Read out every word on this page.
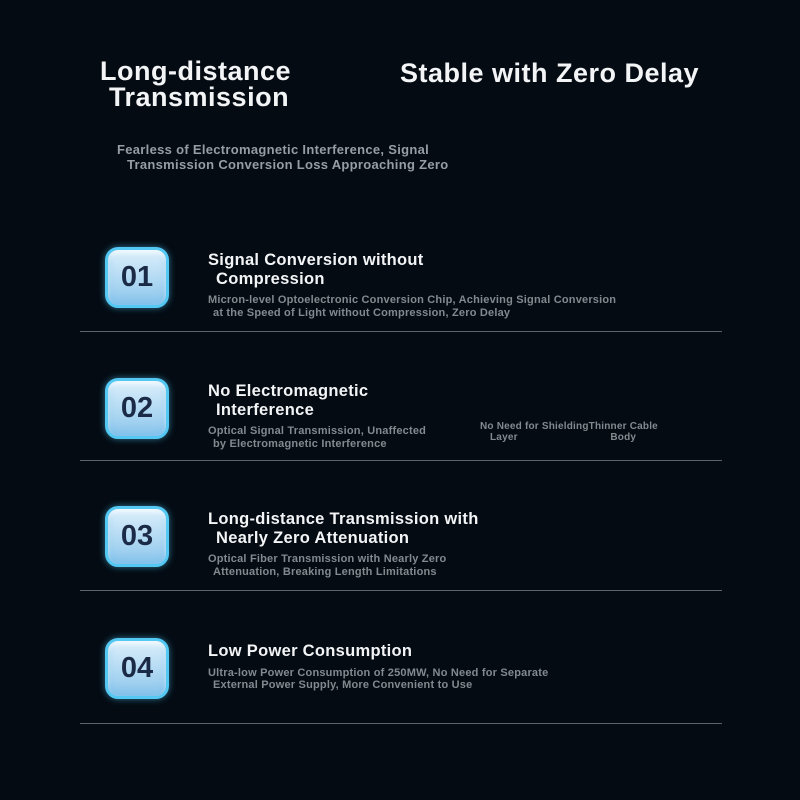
Long-distance
Transmission
Stable with Zero Delay

Fearless of Electromagnetic Interference, Signal
Transmission Conversion Loss Approaching Zero

01
Signal Conversion without
Compression

Micron-level Optoelectronic Conversion Chip, Achieving Signal Conversion
at the Speed of Light without Compression, Zero Delay

02
No Electromagnetic
Interference

Optical Signal Transmission, Unaffected
by Electromagnetic Interference

No Need for Shielding
Layer
Thinner Cable
Body
03
Long-distance Transmission with
Nearly Zero Attenuation

Optical Fiber Transmission with Nearly Zero
Attenuation, Breaking Length Limitations

04
Low Power Consumption

Ultra-low Power Consumption of 250MW, No Need for Separate
External Power Supply, More Convenient to Use
